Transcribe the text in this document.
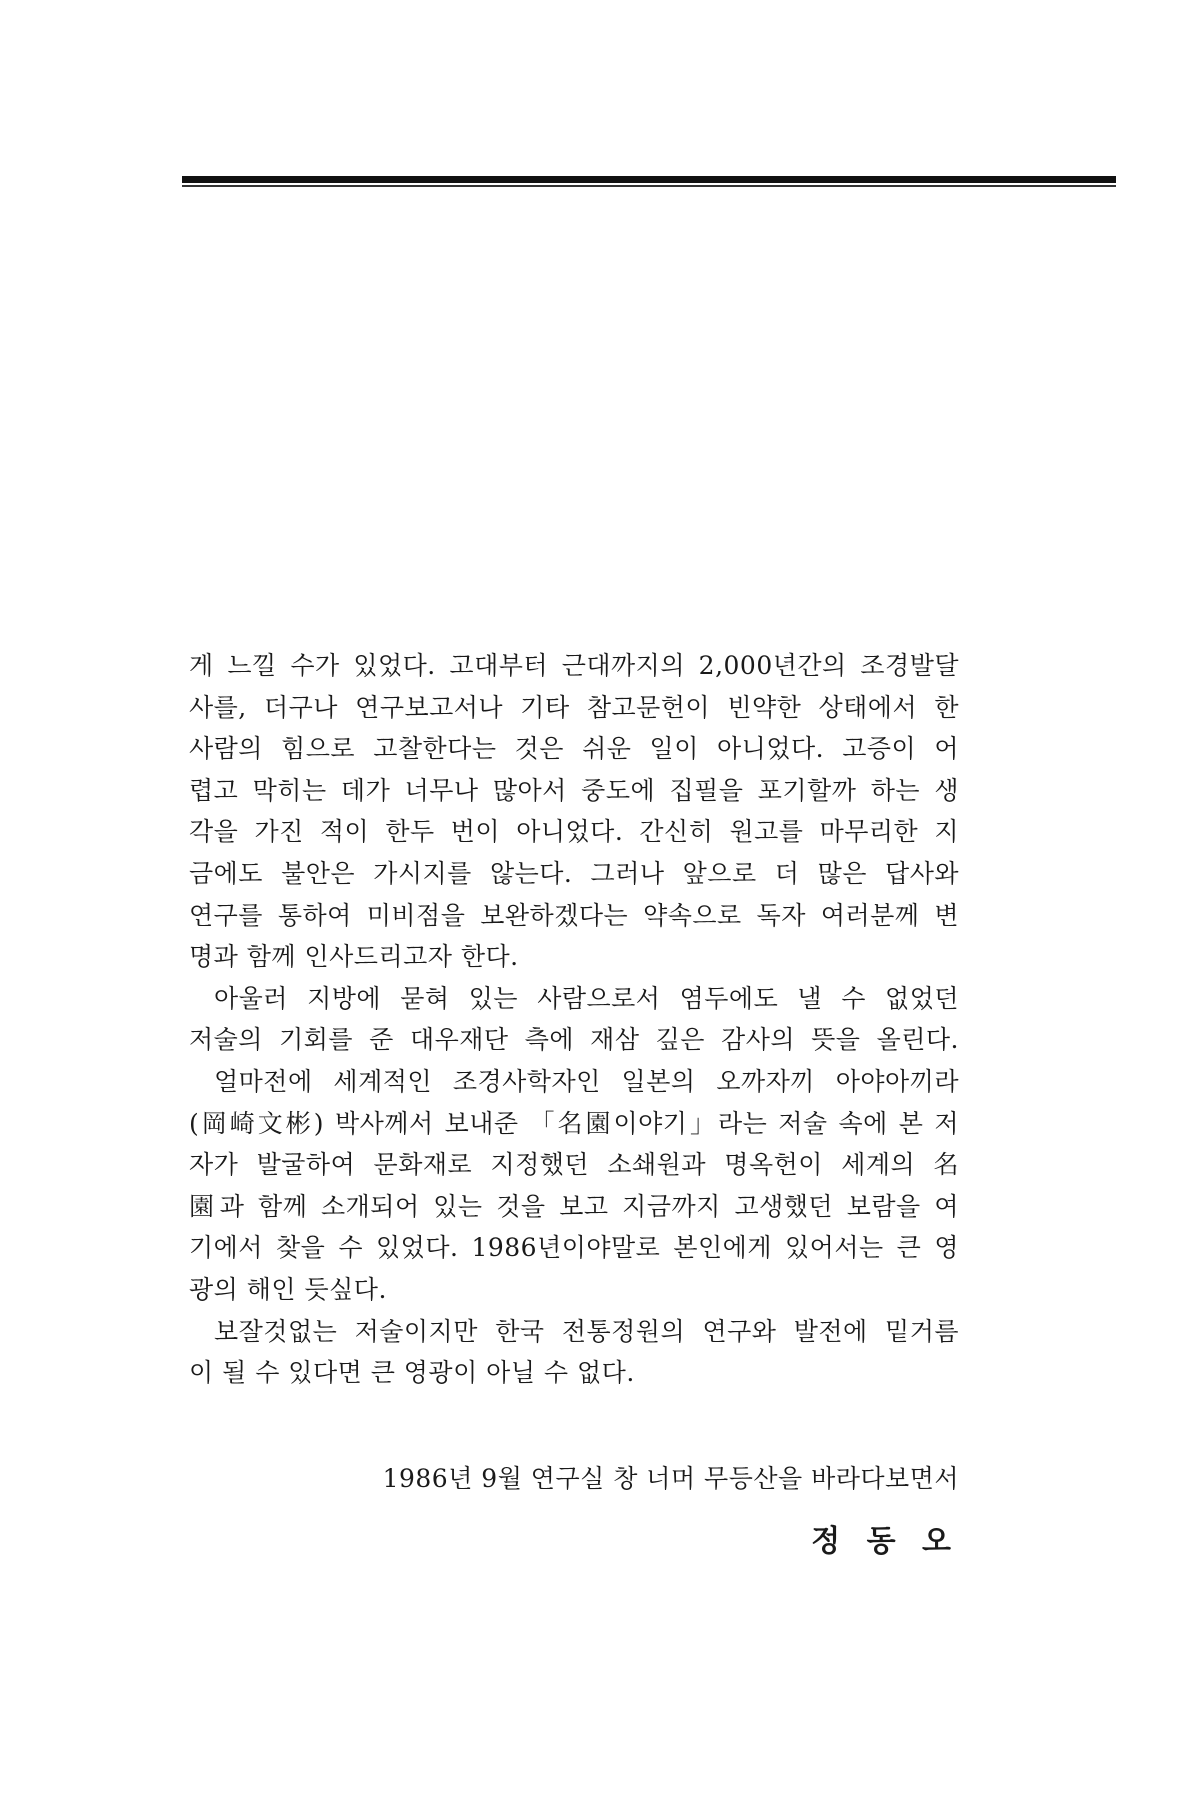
게 느낄 수가 있었다. 고대부터 근대까지의 2,000년간의 조경발달
사를, 더구나 연구보고서나 기타 참고문헌이 빈약한 상태에서 한
사람의 힘으로 고찰한다는 것은 쉬운 일이 아니었다. 고증이 어
렵고 막히는 데가 너무나 많아서 중도에 집필을 포기할까 하는 생
각을 가진 적이 한두 번이 아니었다. 간신히 원고를 마무리한 지
금에도 불안은 가시지를 않는다. 그러나 앞으로 더 많은 답사와
연구를 통하여 미비점을 보완하겠다는 약속으로 독자 여러분께 변
명과 함께 인사드리고자 한다.
아울러 지방에 묻혀 있는 사람으로서 염두에도 낼 수 없었던
저술의 기회를 준 대우재단 측에 재삼 깊은 감사의 뜻을 올린다.
얼마전에 세계적인 조경사학자인 일본의 오까자끼 아야아끼라
(岡崎文彬) 박사께서 보내준 「名園이야기」라는 저술 속에 본 저
자가 발굴하여 문화재로 지정했던 소쇄원과 명옥헌이 세계의 名
園과 함께 소개되어 있는 것을 보고 지금까지 고생했던 보람을 여
기에서 찾을 수 있었다. 1986년이야말로 본인에게 있어서는 큰 영
광의 해인 듯싶다.
보잘것없는 저술이지만 한국 전통정원의 연구와 발전에 밑거름
이 될 수 있다면 큰 영광이 아닐 수 없다.
1986년 9월 연구실 창 너머 무등산을 바라다보면서
정 동 오
